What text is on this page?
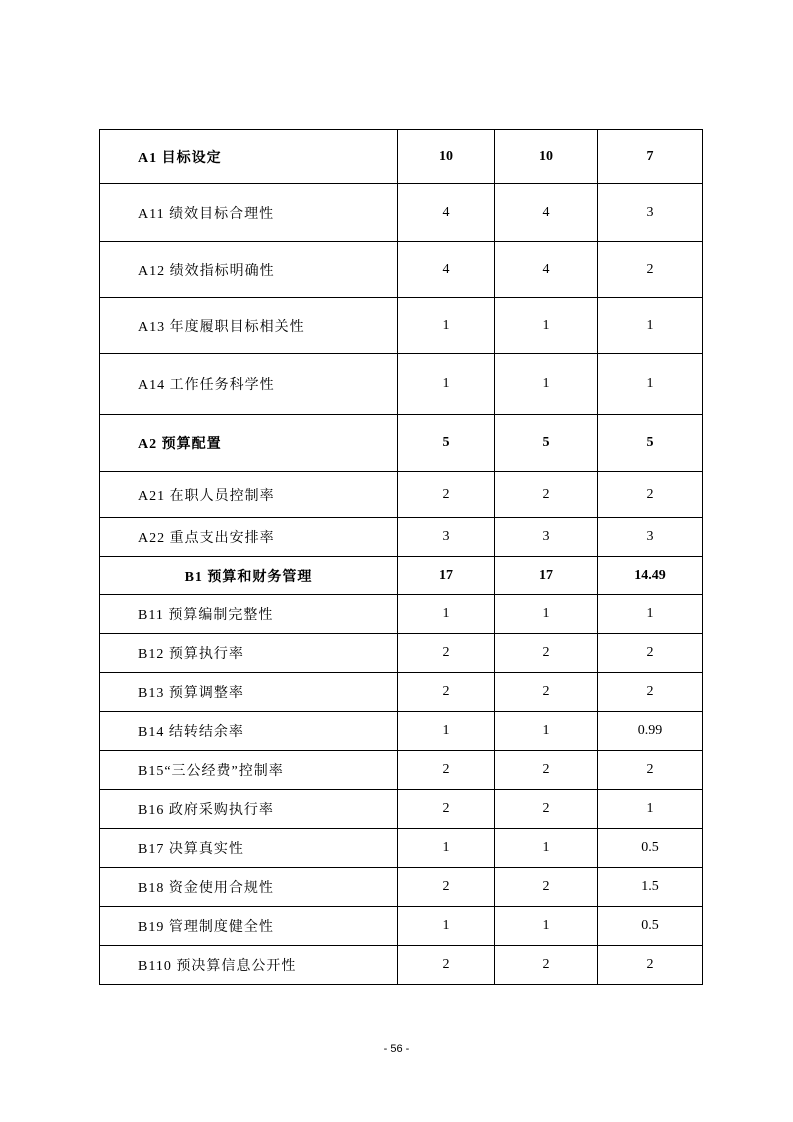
A1 目标设定	10	10	7
A11 绩效目标合理性	4	4	3
A12 绩效指标明确性	4	4	2
A13 年度履职目标相关性	1	1	1
A14 工作任务科学性	1	1	1
A2 预算配置	5	5	5
A21 在职人员控制率	2	2	2
A22 重点支出安排率	3	3	3
B1 预算和财务管理	17	17	14.49
B11 预算编制完整性	1	1	1
B12 预算执行率	2	2	2
B13 预算调整率	2	2	2
B14 结转结余率	1	1	0.99
B15“三公经费”控制率	2	2	2
B16 政府采购执行率	2	2	1
B17 决算真实性	1	1	0.5
B18 资金使用合规性	2	2	1.5
B19 管理制度健全性	1	1	0.5
B110 预决算信息公开性	2	2	2
- 56 -
